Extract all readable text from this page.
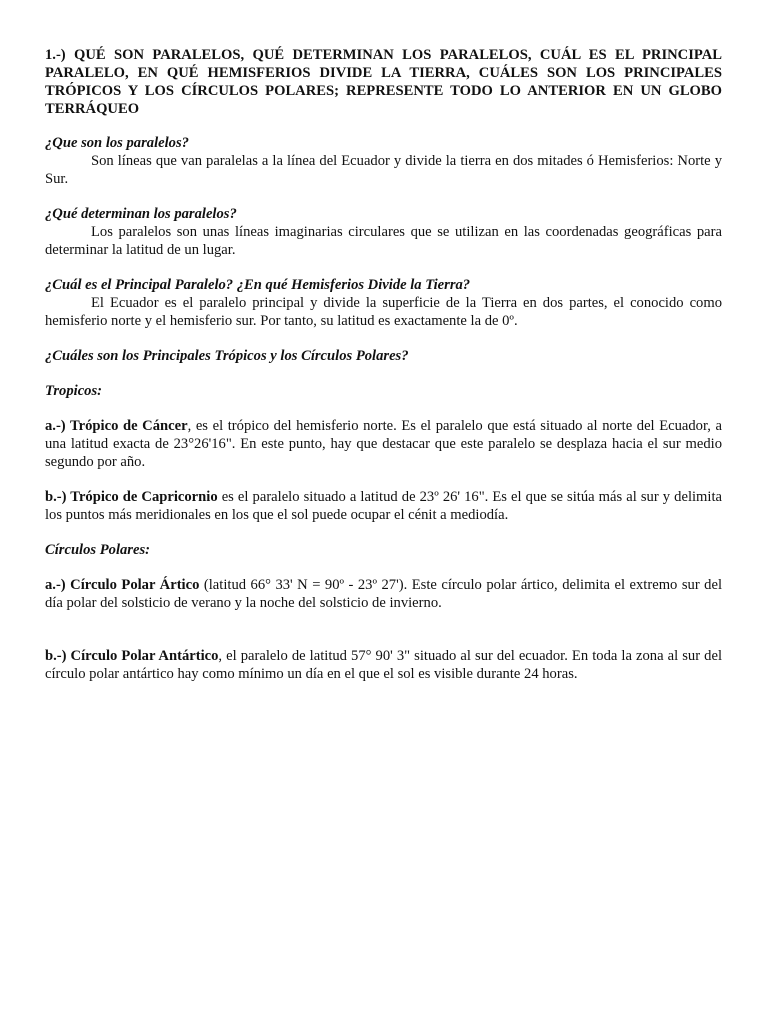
1.-) QUÉ SON PARALELOS, QUÉ DETERMINAN LOS PARALELOS, CUÁL ES EL PRINCIPAL PARALELO, EN QUÉ HEMISFERIOS DIVIDE LA TIERRA, CUÁLES SON LOS PRINCIPALES TRÓPICOS Y LOS CÍRCULOS POLARES; REPRESENTE TODO LO ANTERIOR EN UN GLOBO TERRÁQUEO

¿Que son los paralelos?

Son líneas que van paralelas a la línea del Ecuador y divide la tierra en dos mitades ó Hemisferios: Norte y Sur.

¿Qué determinan los paralelos?

Los paralelos son unas líneas imaginarias circulares que se utilizan en las coordenadas geográficas para determinar la latitud de un lugar.

¿Cuál es el Principal Paralelo? ¿En qué Hemisferios Divide la Tierra?

El Ecuador es el paralelo principal y divide la superficie de la Tierra en dos partes, el conocido como hemisferio norte y el hemisferio sur. Por tanto, su latitud es exactamente la de 0º.

¿Cuáles son los Principales Trópicos y los Círculos Polares?

Tropicos:

a.-) Trópico de Cáncer, es el trópico del hemisferio norte. Es el paralelo que está situado al norte del Ecuador, a una latitud exacta de 23°26'16". En este punto, hay que destacar que este paralelo se desplaza hacia el sur medio segundo por año.

b.-) Trópico de Capricornio es el paralelo situado a latitud de 23º 26' 16". Es el que se sitúa más al sur y delimita los puntos más meridionales en los que el sol puede ocupar el cénit a mediodía.

Círculos Polares:

a.-) Círculo Polar Ártico (latitud 66° 33' N = 90º - 23º 27'). Este círculo polar ártico, delimita el extremo sur del día polar del solsticio de verano y la noche del solsticio de invierno.

b.-) Círculo Polar Antártico, el paralelo de latitud 57° 90' 3" situado al sur del ecuador. En toda la zona al sur del círculo polar antártico hay como mínimo un día en el que el sol es visible durante 24 horas.
